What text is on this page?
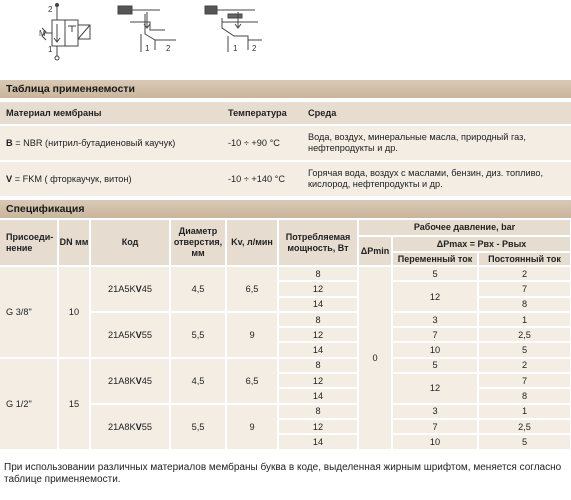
M
2
1	1 2	1 2
Таблица применяемости
Материал мембраны	Температура	Среда
B = NBR (нитрил-бутадиеновый каучук)	-10 ÷ +90 °C	Вода, воздух, минеральные масла, природный газ, нефтепродукты и др.
V = FKM ( фторкаучук, витон)	-10 ÷ +140 °C	Горячая вода, воздух с маслами, бензин, диз. топливо, кислород, нефтепродукты и др.
Спецификация
Присоеди-нение	DN мм	Код	Диаметр отверстия, мм	Kv, л/мин	Потребляемая мощность, Вт	Рабочее давление, bar		
						ΔPmin	ΔPmax = Pвх - Pвых	
							Переменный ток	Постоянный ток
G 3/8"	10	21A5KV45	4,5	6,5	8	0	5	2
					12		12	7
					14			8
		21A5KV55	5,5	9	8		3	1
					12		7	2,5
					14		10	5
G 1/2"	15	21A8KV45	4,5	6,5	8		5	2
					12		12	7
					14			8
		21A8KV55	5,5	9	8		3	1
					12		7	2,5
					14		10	5
При использовании различных материалов мембраны буква в коде, выделенная жирным шрифтом, меняется согласно таблице применяемости.
